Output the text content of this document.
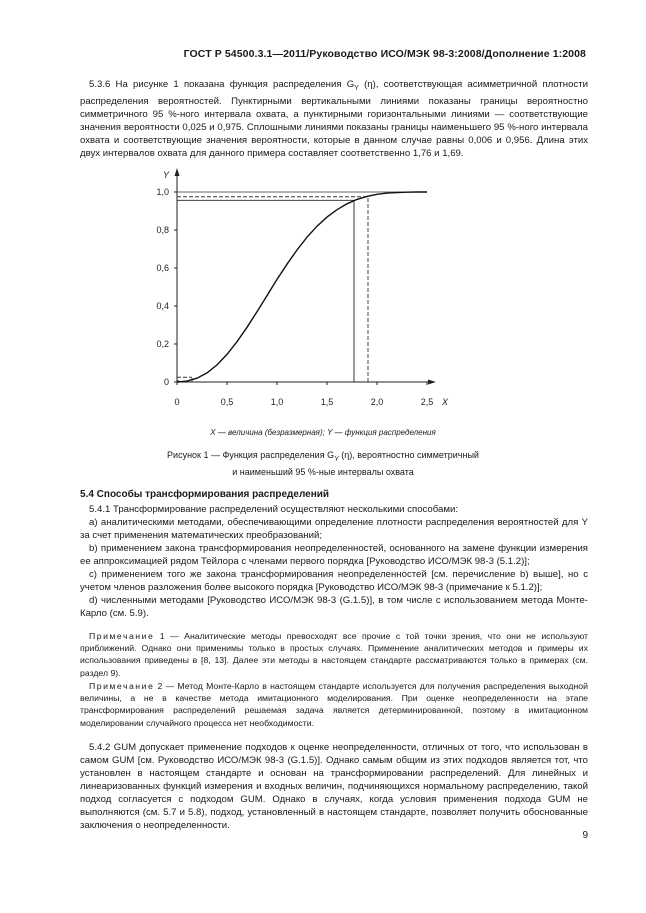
ГОСТ Р 54500.3.1—2011/Руководство ИСО/МЭК 98-3:2008/Дополнение 1:2008

5.3.6 На рисунке 1 показана функция распределения $G_Y$ (η), соответствующая асимметричной плотности распределения вероятностей. Пунктирными вертикальными линиями показаны границы вероятностно симметричного 95 %-ного интервала охвата, а пунктирными горизонтальными линиями — соответствующие значения вероятности 0,025 и 0,975. Сплошными линиями показаны границы наименьшего 95 %-ного интервала охвата и соответствующие значения вероятности, которые в данном случае равны 0,006 и 0,956. Длина этих двух интервалов охвата для данного примера составляет соответственно 1,76 и 1,69.

0
0,2
0,4
0,6
0,8
1,0
0	0,5	1,0	1,5	2,0	2,5
Y
X
X — величина (безразмерная); Y — функция распределения
Рисунок 1 — Функция распределения $G_Y$ (η), вероятностно симметричный
и наименьший 95 %-ные интервалы охвата
5.4 Способы трансформирования распределений

5.4.1 Трансформирование распределений осуществляют несколькими способами:

а) аналитическими методами, обеспечивающими определение плотности распределения вероятностей для Y за счет применения математических преобразований;

b) применением закона трансформирования неопределенностей, основанного на замене функции измерения ее аппроксимацией рядом Тейлора с членами первого порядка [Руководство ИСО/МЭК 98-3 (5.1.2)];

c) применением того же закона трансформирования неопределенностей [см. перечисление b) выше], но с учетом членов разложения более высокого порядка [Руководство ИСО/МЭК 98-3 (примечание к 5.1.2)];

d) численными методами [Руководство ИСО/МЭК 98-3 (G.1.5)], в том числе с использованием метода Монте-Карло (см. 5.9).

Примечание 1 — Аналитические методы превосходят все прочие с той точки зрения, что они не используют приближений. Однако они применимы только в простых случаях. Применение аналитических методов и примеры их использования приведены в [8, 13]. Далее эти методы в настоящем стандарте рассматриваются только в примерах (см. раздел 9).

Примечание 2 — Метод Монте-Карло в настоящем стандарте используется для получения распределения выходной величины, а не в качестве метода имитационного моделирования. При оценке неопределенности на этапе трансформирования распределений решаемая задача является детерминированной, поэтому в имитационном моделировании случайного процесса нет необходимости.

5.4.2 GUM допускает применение подходов к оценке неопределенности, отличных от того, что использован в самом GUM [см. Руководство ИСО/МЭК 98-3 (G.1.5)]. Однако самым общим из этих подходов является тот, что установлен в настоящем стандарте и основан на трансформировании распределений. Для линейных и линеаризованных функций измерения и входных величин, подчиняющихся нормальному распределению, такой подход согласуется с подходом GUM. Однако в случаях, когда условия применения подхода GUM не выполняются (см. 5.7 и 5.8), подход, установленный в настоящем стандарте, позволяет получить обоснованные заключения о неопределенности.

9
